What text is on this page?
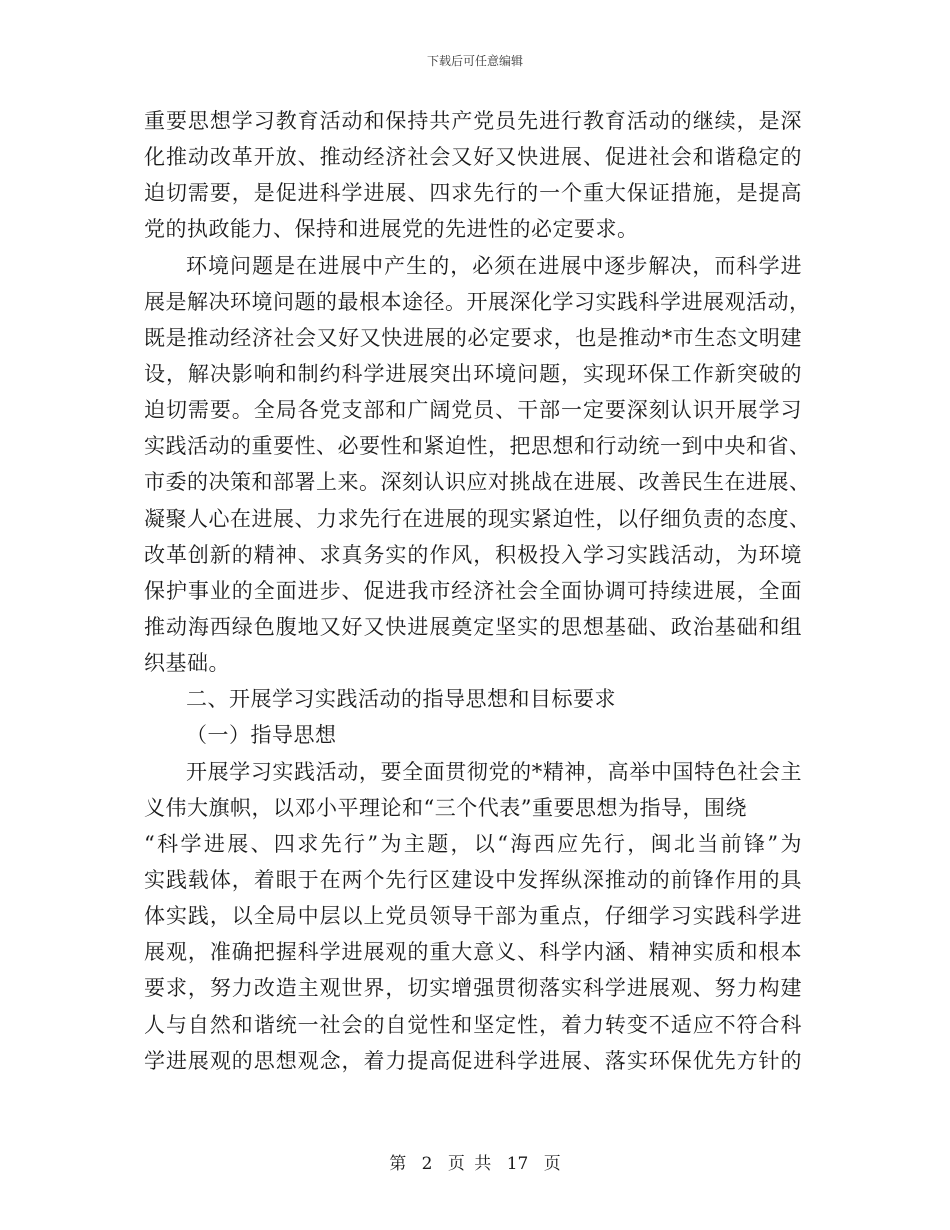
下载后可任意编辑
重要思想学习教育活动和保持共产党员先进行教育活动的继续，是深
化推动改革开放、推动经济社会又好又快进展、促进社会和谐稳定的
迫切需要，是促进科学进展、四求先行的一个重大保证措施，是提高
党的执政能力、保持和进展党的先进性的必定要求。
环境问题是在进展中产生的，必须在进展中逐步解决，而科学进
展是解决环境问题的最根本途径。开展深化学习实践科学进展观活动，
既是推动经济社会又好又快进展的必定要求，也是推动*市生态文明建
设，解决影响和制约科学进展突出环境问题，实现环保工作新突破的
迫切需要。全局各党支部和广阔党员、干部一定要深刻认识开展学习
实践活动的重要性、必要性和紧迫性，把思想和行动统一到中央和省、
市委的决策和部署上来。深刻认识应对挑战在进展、改善民生在进展、
凝聚人心在进展、力求先行在进展的现实紧迫性，以仔细负责的态度、
改革创新的精神、求真务实的作风，积极投入学习实践活动，为环境
保护事业的全面进步、促进我市经济社会全面协调可持续进展，全面
推动海西绿色腹地又好又快进展奠定坚实的思想基础、政治基础和组
织基础。
二、开展学习实践活动的指导思想和目标要求
（一）指导思想
开展学习实践活动，要全面贯彻党的*精神，高举中国特色社会主
义伟大旗帜，以邓小平理论和“三个代表”重要思想为指导，围绕
“科学进展、四求先行”为主题，以“海西应先行，闽北当前锋”为
实践载体，着眼于在两个先行区建设中发挥纵深推动的前锋作用的具
体实践，以全局中层以上党员领导干部为重点，仔细学习实践科学进
展观，准确把握科学进展观的重大意义、科学内涵、精神实质和根本
要求，努力改造主观世界，切实增强贯彻落实科学进展观、努力构建
人与自然和谐统一社会的自觉性和坚定性，着力转变不适应不符合科
学进展观的思想观念，着力提高促进科学进展、落实环保优先方针的
第 2 页 共 17 页
